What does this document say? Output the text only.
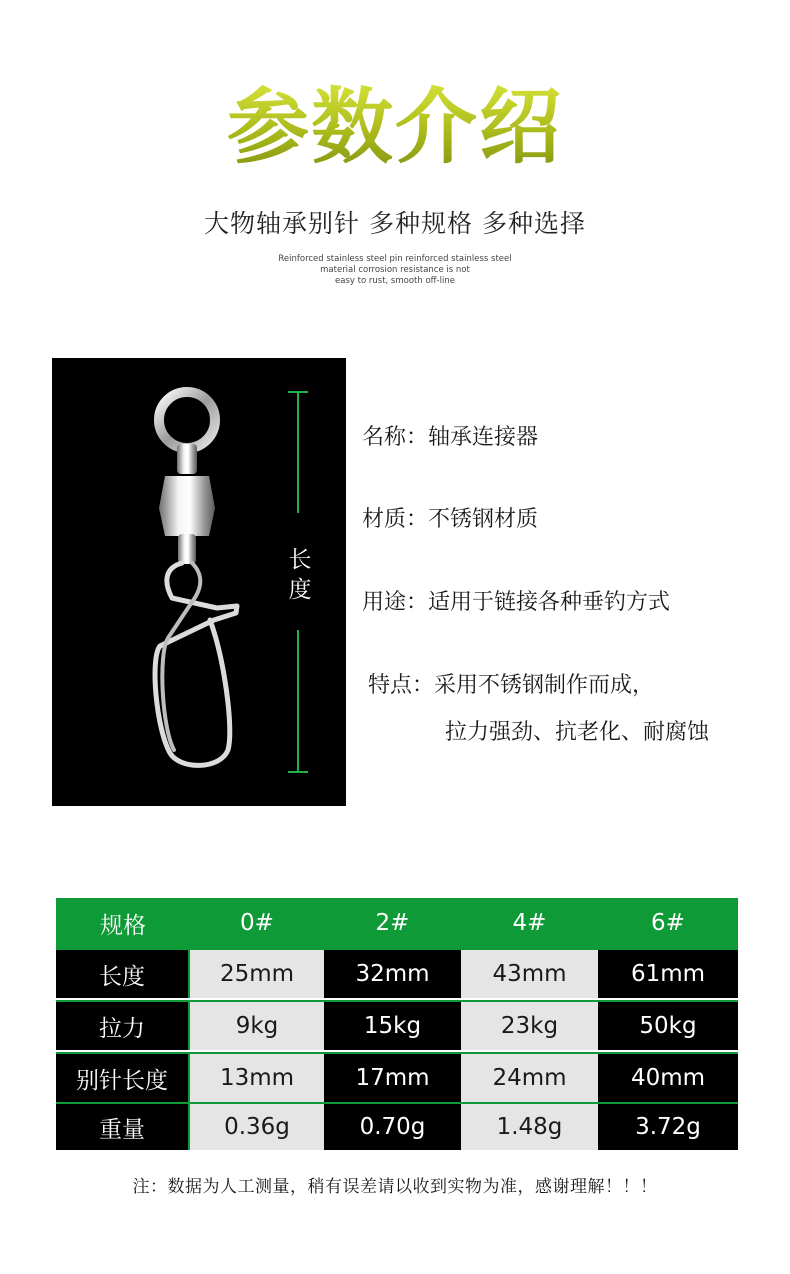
参数介绍
大物轴承别针 多种规格 多种选择
Reinforced stainless steel pin reinforced stainless steel
material corrosion resistance is not
easy to rust, smooth off-line
长
度
名称：轴承连接器
材质：不锈钢材质
用途：适用于链接各种垂钓方式
特点：采用不锈钢制作而成，
拉力强劲、抗老化、耐腐蚀
规格	0#	2#	4#	6#
长度	25mm	32mm	43mm	61mm
拉力	9kg	15kg	23kg	50kg
别针长度	13mm	17mm	24mm	40mm
重量	0.36g	0.70g	1.48g	3.72g
注：数据为人工测量，稍有误差请以收到实物为准，感谢理解！！！
